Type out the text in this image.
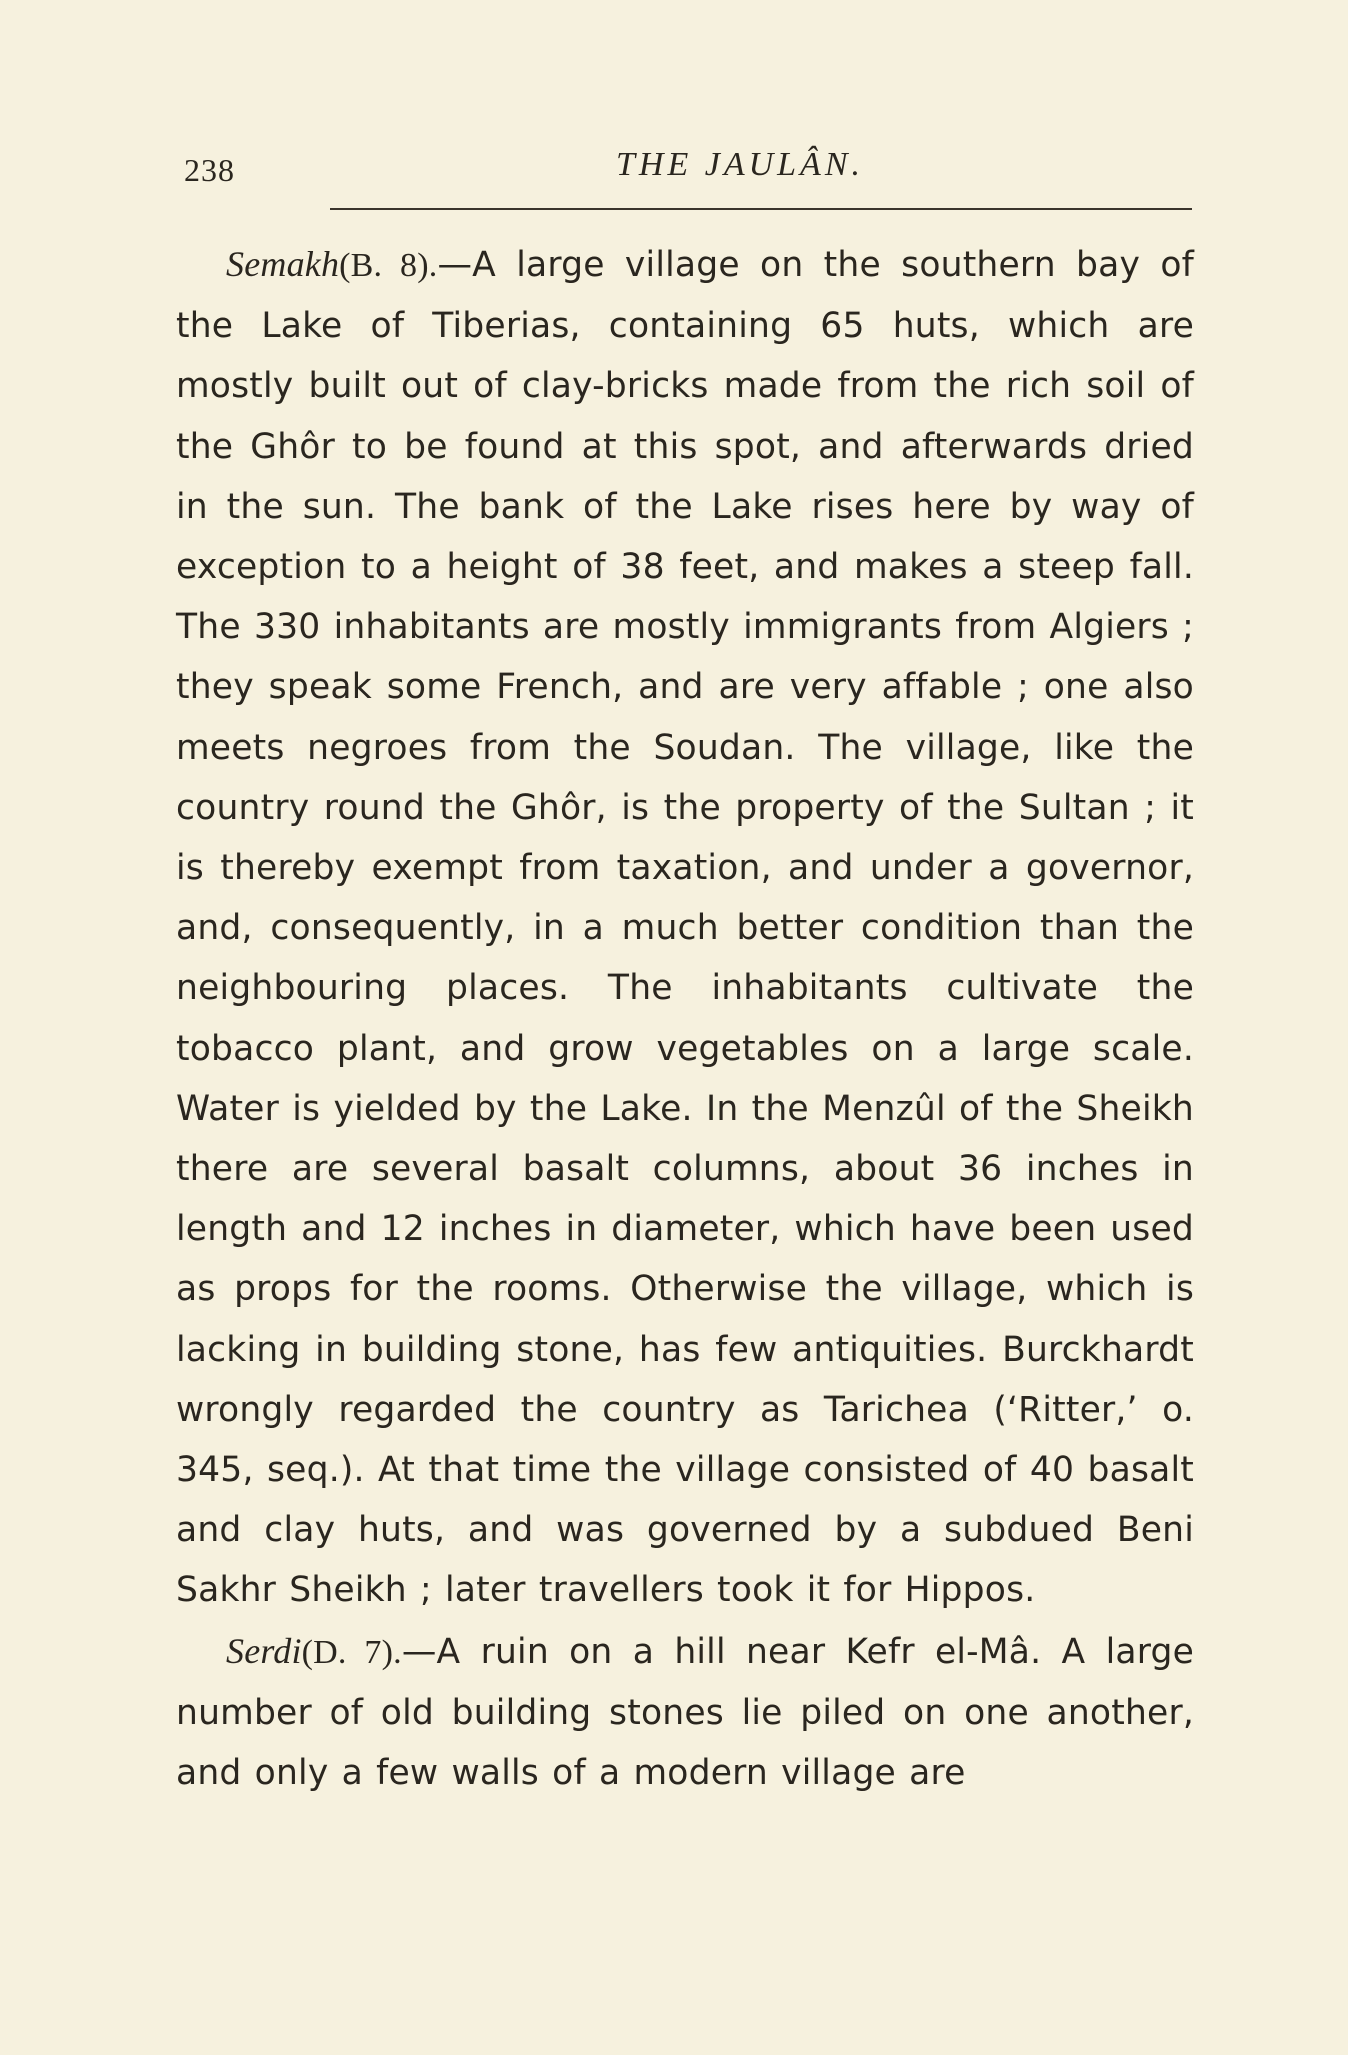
238	THE JAULÂN.

Semakh(B. 8).—A large village on the southern bay of the Lake of Tiberias, containing 65 huts, which are mostly built out of clay-bricks made from the rich soil of the Ghôr to be found at this spot, and afterwards dried in the sun. The bank of the Lake rises here by way of exception to a height of 38 feet, and makes a steep fall. The 330 inhabitants are mostly immigrants from Algiers ; they speak some French, and are very affable ; one also meets negroes from the Soudan. The village, like the country round the Ghôr, is the property of the Sultan ; it is thereby exempt from taxation, and under a governor, and, consequently, in a much better condition than the neighbouring places. The inhabitants cultivate the tobacco plant, and grow vegetables on a large scale. Water is yielded by the Lake. In the Menzûl of the Sheikh there are several basalt columns, about 36 inches in length and 12 inches in diameter, which have been used as props for the rooms. Otherwise the village, which is lacking in building stone, has few antiquities. Burckhardt wrongly regarded the country as Tarichea (‘Ritter,’ o. 345, seq.). At that time the village consisted of 40 basalt and clay huts, and was governed by a subdued Beni Sakhr Sheikh ; later travellers took it for Hippos.

Serdi(D. 7).—A ruin on a hill near Kefr el-Mâ. A large number of old building stones lie piled on one another, and only a few walls of a modern village are
